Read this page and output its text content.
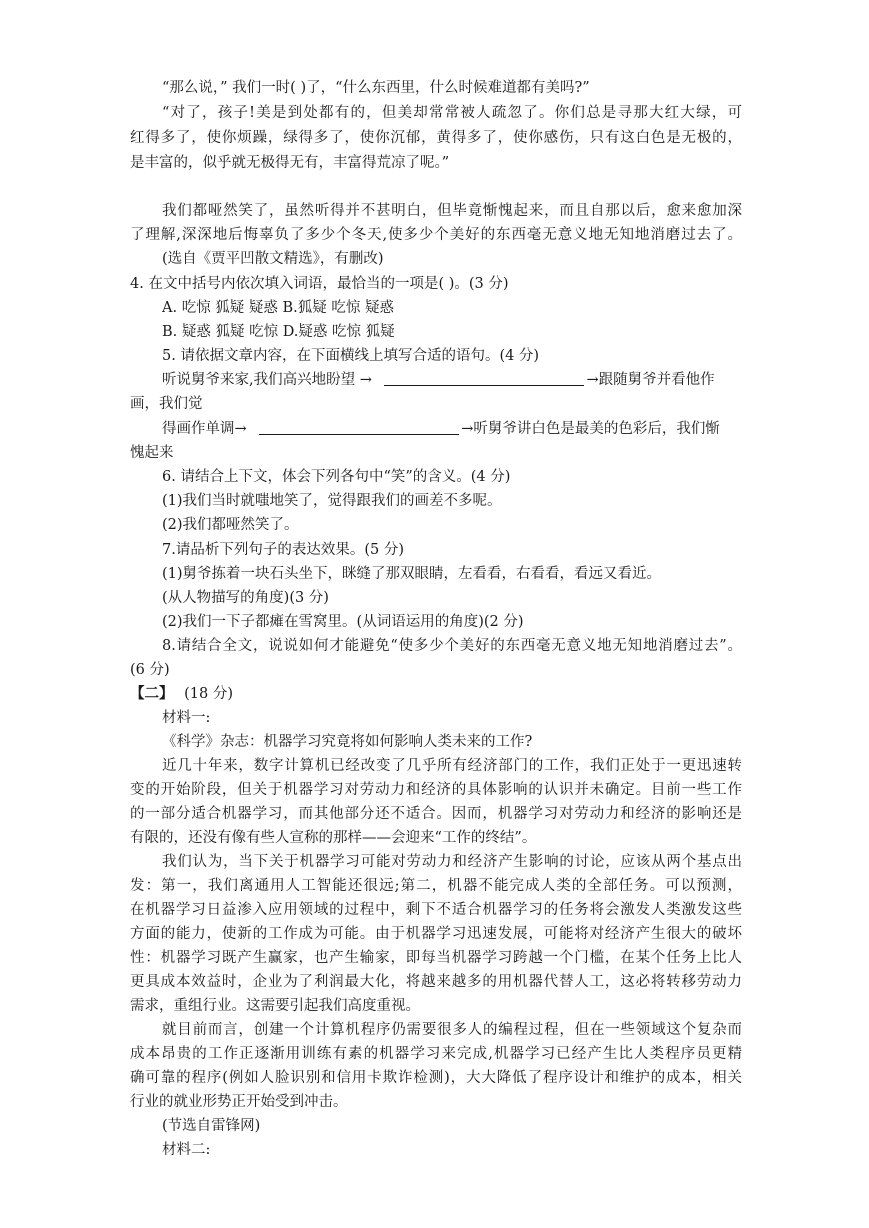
“那么说，” 我们一时( )了，“什么东西里，什么时候难道都有美吗?”
“对了，孩子!美是到处都有的，但美却常常被人疏忽了。你们总是寻那大红大绿，可
红得多了，使你烦躁，绿得多了，使你沉郁，黄得多了，使你感伤，只有这白色是无极的，
是丰富的，似乎就无极得无有，丰富得荒凉了呢。”
我们都哑然笑了，虽然听得并不甚明白，但毕竟惭愧起来，而且自那以后，愈来愈加深
了理解,深深地后悔辜负了多少个冬天,使多少个美好的东西毫无意义地无知地消磨过去了。
(选自《贾平凹散文精选》，有删改)
4. 在文中括号内依次填入词语，最恰当的一项是( )。(3 分)
A. 吃惊 狐疑 疑惑 B.狐疑 吃惊 疑惑
B. 疑惑 狐疑 吃惊 D.疑惑 吃惊 狐疑
5. 请依据文章内容，在下面横线上填写合适的语句。(4 分)
听说舅爷来家,我们高兴地盼望 →	→跟随舅爷并看他作
画，我们觉
得画作单调→	→听舅爷讲白色是最美的色彩后，我们惭
愧起来
6. 请结合上下文，体会下列各句中“笑”的含义。(4 分)
(1)我们当时就嗤地笑了，觉得跟我们的画差不多呢。
(2)我们都哑然笑了。
7.请品析下列句子的表达效果。(5 分)
(1)舅爷拣着一块石头坐下，眯缝了那双眼睛，左看看，右看看，看远又看近。
(从人物描写的角度)(3 分)
(2)我们一下子都瘫在雪窝里。(从词语运用的角度)(2 分)
8.请结合全文，说说如何才能避免“使多少个美好的东西毫无意义地无知地消磨过去”。
(6 分)
【二】 (18 分)
材料一:
《科学》杂志：机器学习究竟将如何影响人类未来的工作?
近几十年来，数字计算机已经改变了几乎所有经济部门的工作，我们正处于一更迅速转
变的开始阶段，但关于机器学习对劳动力和经济的具体影响的认识并未确定。目前一些工作
的一部分适合机器学习，而其他部分还不适合。因而，机器学习对劳动力和经济的影响还是
有限的，还没有像有些人宣称的那样——会迎来“工作的终结”。
我们认为，当下关于机器学习可能对劳动力和经济产生影响的讨论，应该从两个基点出
发：第一，我们离通用人工智能还很远;第二，机器不能完成人类的全部任务。可以预测，
在机器学习日益渗入应用领域的过程中，剩下不适合机器学习的任务将会激发人类激发这些
方面的能力，使新的工作成为可能。由于机器学习迅速发展，可能将对经济产生很大的破坏
性：机器学习既产生赢家，也产生输家，即每当机器学习跨越一个门槛，在某个任务上比人
更具成本效益时，企业为了利润最大化，将越来越多的用机器代替人工，这必将转移劳动力
需求，重组行业。这需要引起我们高度重视。
就目前而言，创建一个计算机程序仍需要很多人的编程过程，但在一些领域这个复杂而
成本昂贵的工作正逐渐用训练有素的机器学习来完成,机器学习已经产生比人类程序员更精
确可靠的程序(例如人脸识别和信用卡欺诈检测)，大大降低了程序设计和维护的成本，相关
行业的就业形势正开始受到冲击。
(节选自雷锋网)
材料二:
